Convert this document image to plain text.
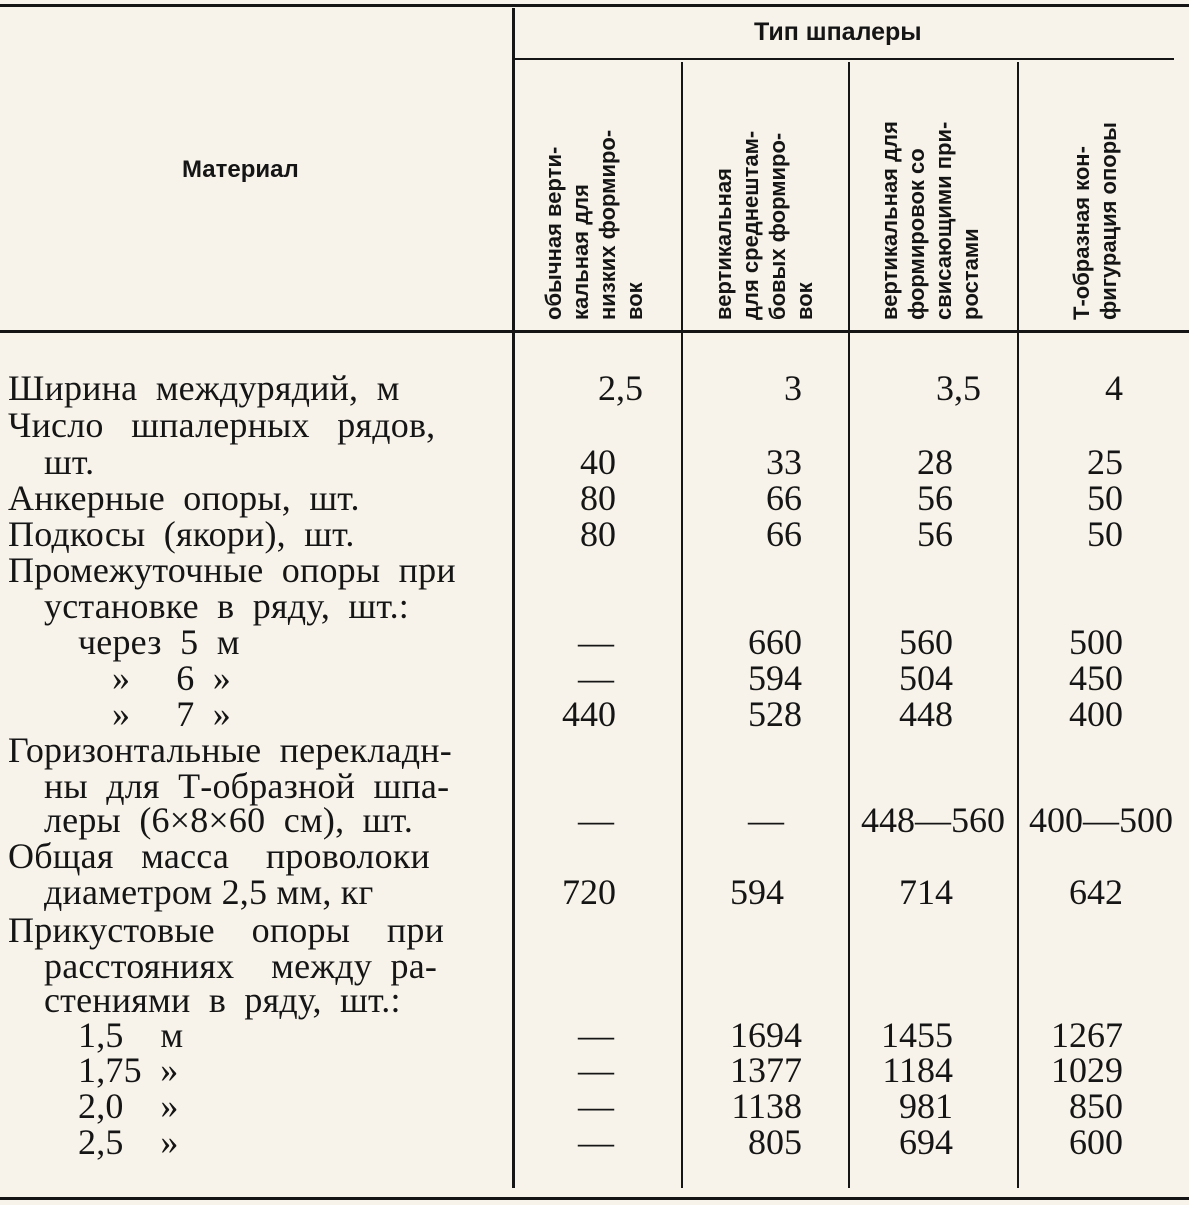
Материал
Тип шпалеры
обычная верти-
кальная для
низких формиро-
вок	вертикальная
для среднештам-
бовых формиро-
вок	вертикальная для
формировок со
свисающими при-
ростами	Т-образная кон-
фигурация опоры
Ширина  междурядий,  м	2,5	3	3,5	4
Число   шпалерных   рядов,
шт.	40	33	28	25
Анкерные  опоры,  шт.	80	66	56	50
Подкосы  (якори),  шт.	80	66	56	50
Промежуточные  опоры  при
установке  в  ряду,  шт.:
через  5  м	—	660	560	500
»     6  »	—	594	504	450
»     7  »	440	528	448	400
Горизонтальные  перекладн-
ны  для  Т-образной  шпа-
леры  (6×8×60  см),  шт.	—	— 448—560 400—500
Общая   масса    проволоки
диаметром 2,5 мм, кг	720	594	714	642
Прикустовые    опоры    при
расстояниях    между  ра-
стениями  в  ряду,  шт.:
1,5    м	—	1694 1455	1267
1,75  »	—	1377 1184	1029
2,0    »	—	1138	981	850
2,5    »	—	805	694	600
